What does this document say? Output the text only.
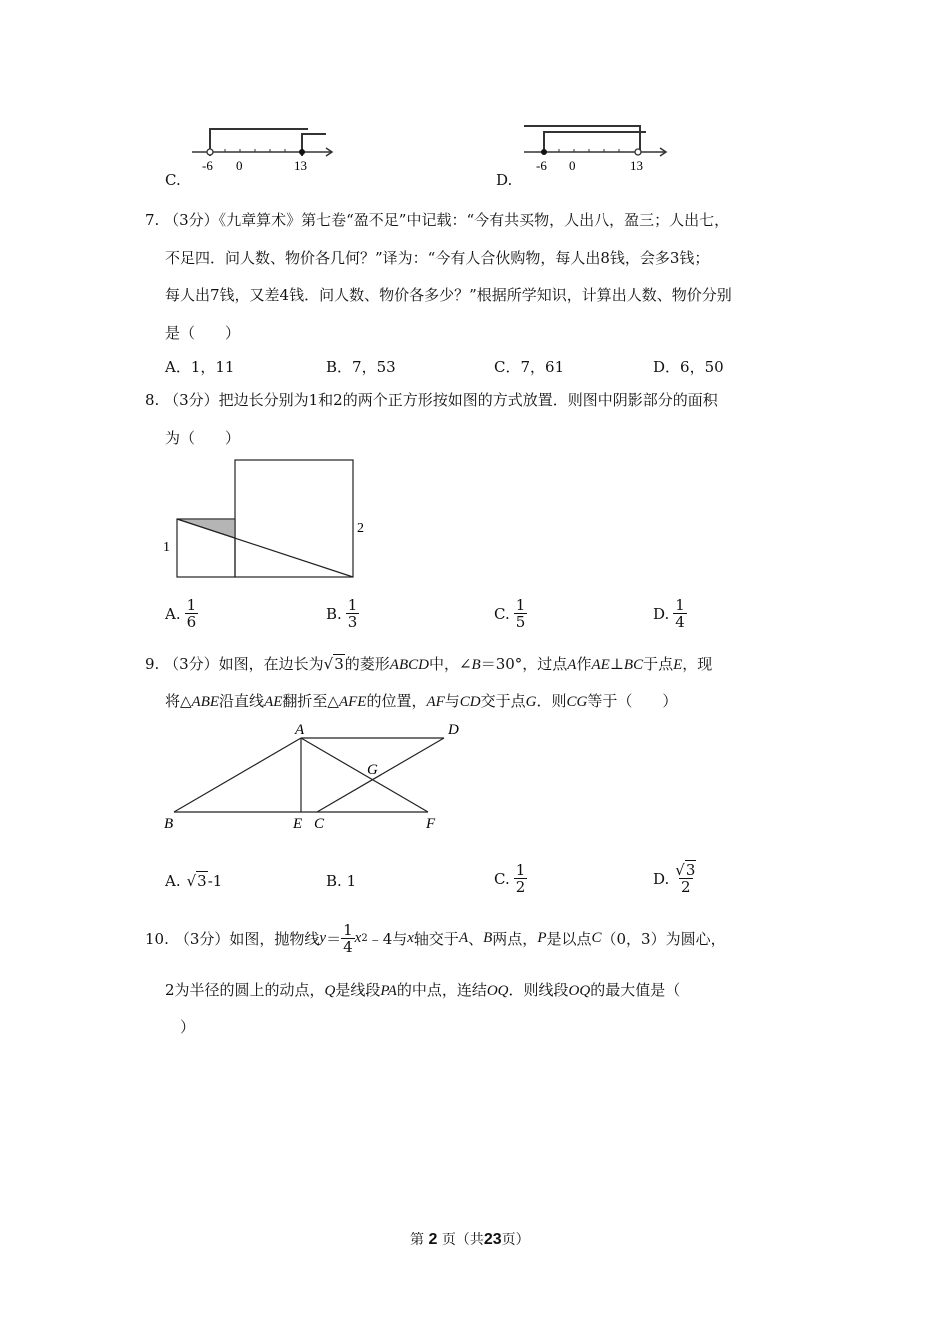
-6 0	13
C.
-6 0	13
D.
7. （3分）《九章算术》第七卷“盈不足”中记载：“今有共买物，人出八，盈三；人出七，
不足四．问人数、物价各几何？”译为：“今有人合伙购物，每人出8钱，会多3钱；
每人出7钱，又差4钱．问人数、物价各多少？”根据所学知识，计算出人数、物价分别
是（　　）
A．1，11	B．7，53	C．7，61	D．6，50
8. （3分）把边长分别为1和2的两个正方形按如图的方式放置．则图中阴影部分的面积
为（　　）
1
2
A. $\frac{1}{6}$	B. $\frac{1}{3}$	C. $\frac{1}{5}$	D. $\frac{1}{4}$
9. （3分）如图，在边长为√3的菱形ABCD中，∠B＝30°，过点A作AE⊥BC于点E，现
将△ABE沿直线AE翻折至△AFE的位置，AF与CD交于点G．则CG等于（　　）
A	D
G
B	E C	F
A. √3 -1	B. 1	C. $\frac{1}{2}$	D. $\frac{√3}{2}$
10. （3分） 如图，抛物线 $y = \frac{1}{4}$ x 2 ﹣4与 x 轴交于 A 、 B 两点， P 是以点 C （0，3）为圆心，
2为半径的圆上的动点，Q是线段PA的中点，连结OQ．则线段OQ的最大值是（
）
第 2 页（共23页）
